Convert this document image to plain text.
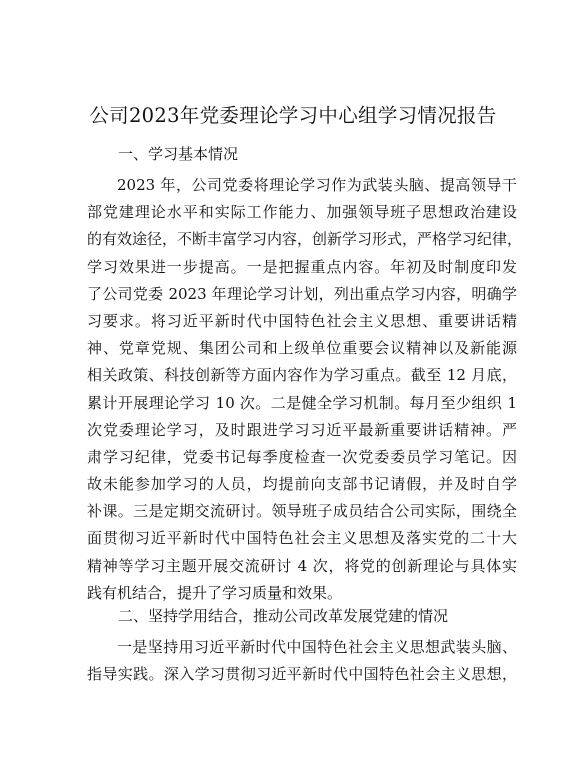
公司2023年党委理论学习中心组学习情况报告
一、学习基本情况
2023 年，公司党委将理论学习作为武装头脑、提高领导干
部党建理论水平和实际工作能力、加强领导班子思想政治建设
的有效途径，不断丰富学习内容，创新学习形式，严格学习纪律，
学习效果进一步提高。一是把握重点内容。年初及时制度印发
了公司党委 2023 年理论学习计划，列出重点学习内容，明确学
习要求。将习近平新时代中国特色社会主义思想、重要讲话精
神、党章党规、集团公司和上级单位重要会议精神以及新能源
相关政策、科技创新等方面内容作为学习重点。截至 12 月底，
累计开展理论学习 10 次。二是健全学习机制。每月至少组织 1
次党委理论学习，及时跟进学习习近平最新重要讲话精神。严
肃学习纪律，党委书记每季度检查一次党委委员学习笔记。因
故未能参加学习的人员，均提前向支部书记请假，并及时自学
补课。三是定期交流研讨。领导班子成员结合公司实际，围绕全
面贯彻习近平新时代中国特色社会主义思想及落实党的二十大
精神等学习主题开展交流研讨 4 次，将党的创新理论与具体实
践有机结合，提升了学习质量和效果。
二、坚持学用结合，推动公司改革发展党建的情况
一是坚持用习近平新时代中国特色社会主义思想武装头脑、
指导实践。深入学习贯彻习近平新时代中国特色社会主义思想，
